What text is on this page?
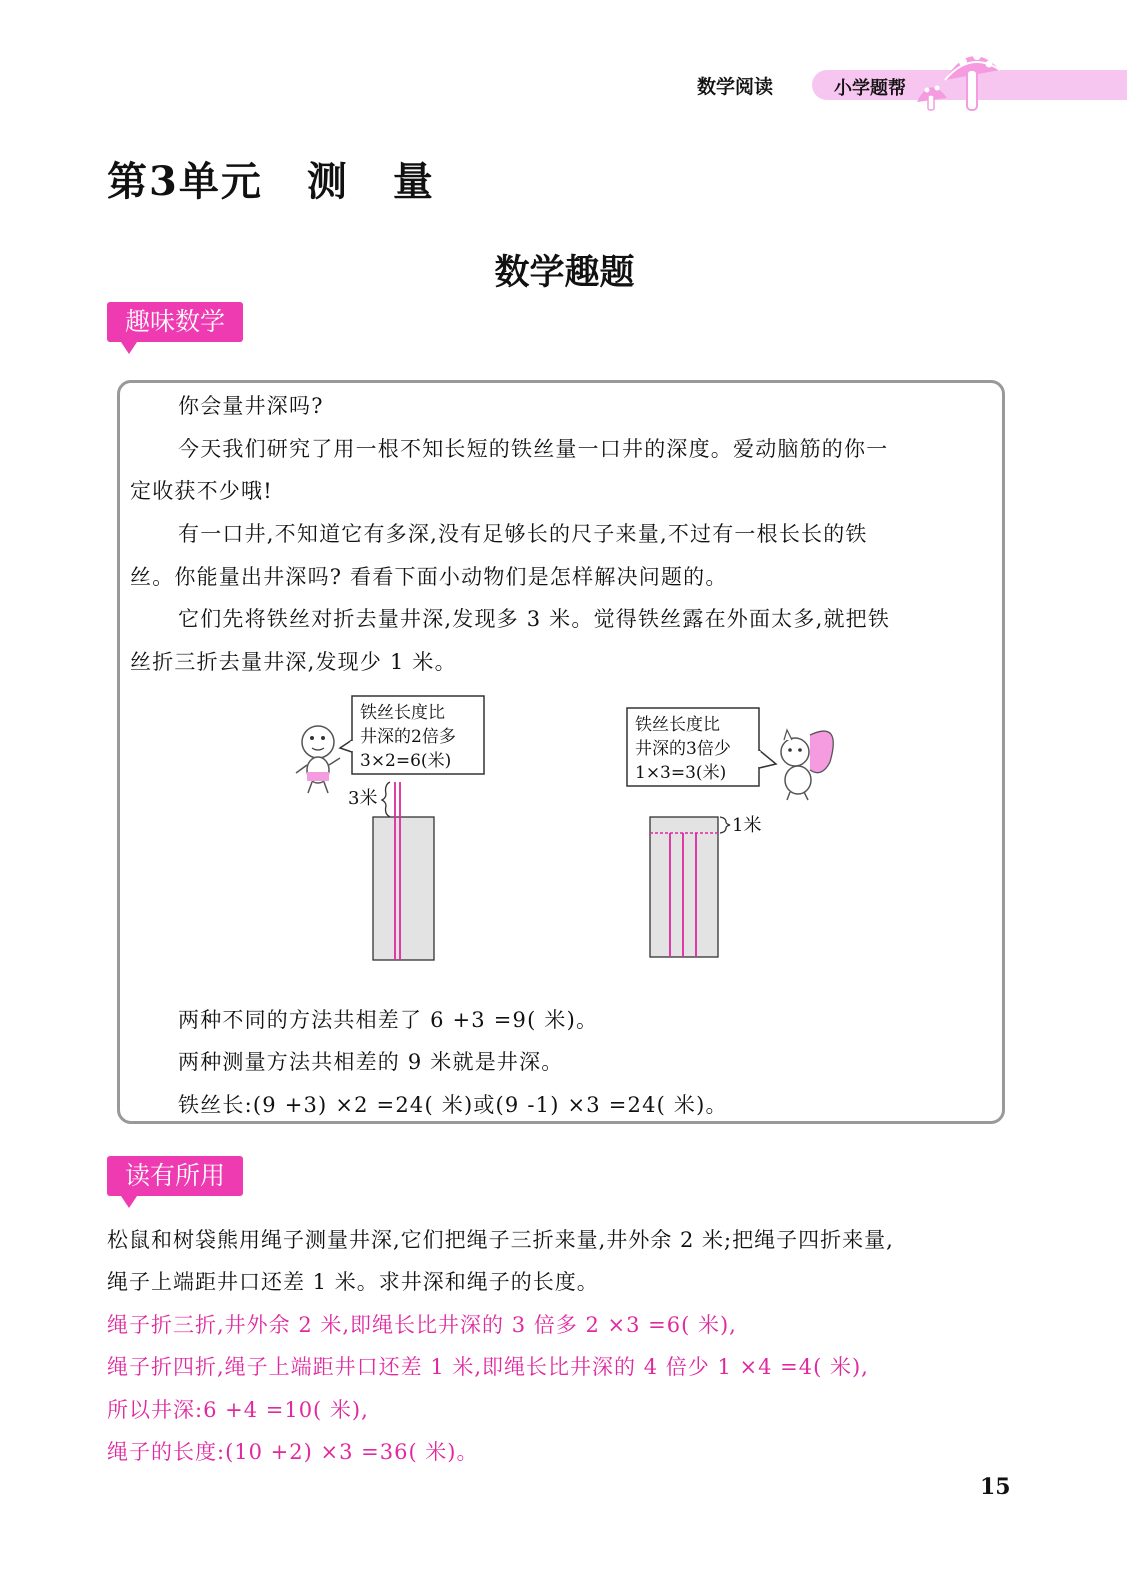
数学阅读	小学题帮
第3单元 测 量
数学趣题
趣味数学
你会量井深吗?
今天我们研究了用一根不知长短的铁丝量一口井的深度。爱动脑筋的你一
定收获不少哦!
有一口井,不知道它有多深,没有足够长的尺子来量,不过有一根长长的铁
丝。你能量出井深吗? 看看下面小动物们是怎样解决问题的。
它们先将铁丝对折去量井深,发现多 3 米。觉得铁丝露在外面太多,就把铁
丝折三折去量井深,发现少 1 米。
铁丝长度比
井深的2倍多
3×2=6(米)
3米
铁丝长度比
井深的3倍少
1×3=3(米)
1米
两种不同的方法共相差了 6 +3 =9( 米)。
两种测量方法共相差的 9 米就是井深。
铁丝长:(9 +3) ×2 =24( 米)或(9 -1) ×3 =24( 米)。
读有所用
松鼠和树袋熊用绳子测量井深,它们把绳子三折来量,井外余 2 米;把绳子四折来量,
绳子上端距井口还差 1 米。求井深和绳子的长度。
绳子折三折,井外余 2 米,即绳长比井深的 3 倍多 2 ×3 =6( 米),
绳子折四折,绳子上端距井口还差 1 米,即绳长比井深的 4 倍少 1 ×4 =4( 米),
所以井深:6 +4 =10( 米),
绳子的长度:(10 +2) ×3 =36( 米)。
15
